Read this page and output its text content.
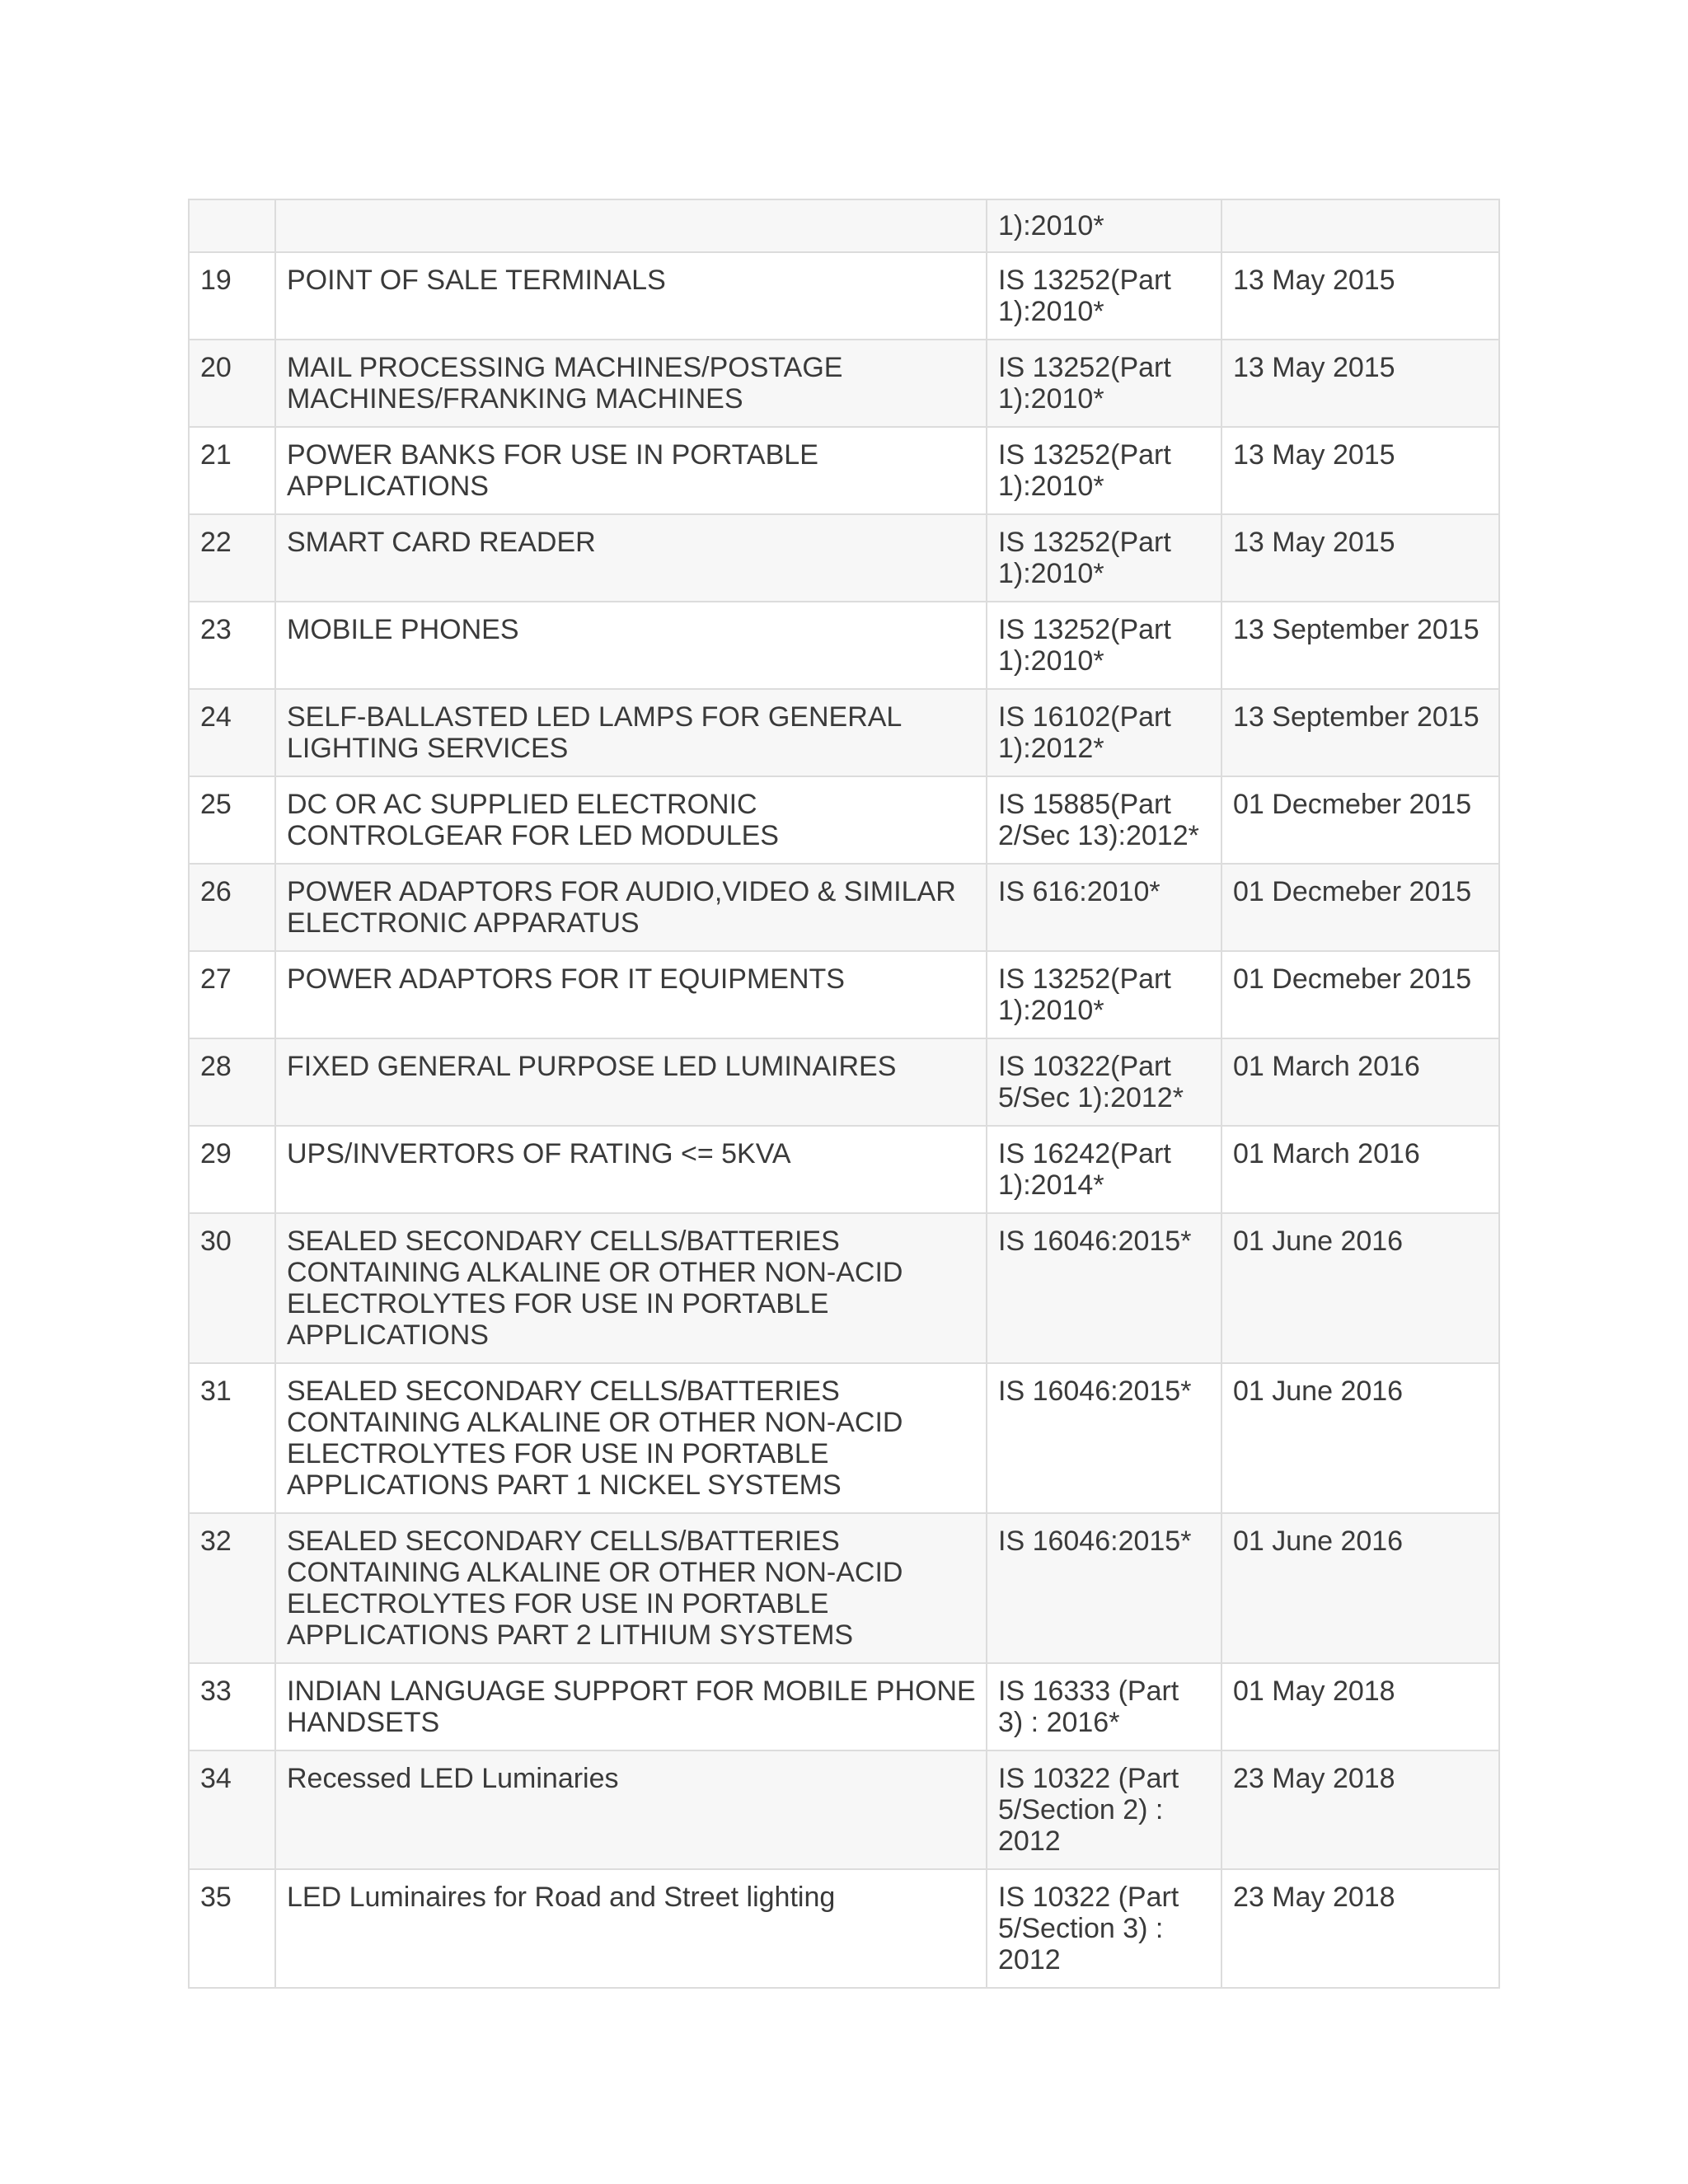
		1):2010*	
19	POINT OF SALE TERMINALS	IS 13252(Part 1):2010*	13 May 2015
20	MAIL PROCESSING MACHINES/POSTAGE MACHINES/FRANKING MACHINES	IS 13252(Part 1):2010*	13 May 2015
21	POWER BANKS FOR USE IN PORTABLE APPLICATIONS	IS 13252(Part 1):2010*	13 May 2015
22	SMART CARD READER	IS 13252(Part 1):2010*	13 May 2015
23	MOBILE PHONES	IS 13252(Part 1):2010*	13 September 2015
24	SELF-BALLASTED LED LAMPS FOR GENERAL LIGHTING SERVICES	IS 16102(Part 1):2012*	13 September 2015
25	DC OR AC SUPPLIED ELECTRONIC CONTROLGEAR FOR LED MODULES	IS 15885(Part 2/Sec 13):2012*	01 Decmeber 2015
26	POWER ADAPTORS FOR AUDIO,VIDEO & SIMILAR ELECTRONIC APPARATUS	IS 616:2010*	01 Decmeber 2015
27	POWER ADAPTORS FOR IT EQUIPMENTS	IS 13252(Part 1):2010*	01 Decmeber 2015
28	FIXED GENERAL PURPOSE LED LUMINAIRES	IS 10322(Part 5/Sec 1):2012*	01 March 2016
29	UPS/INVERTORS OF RATING <= 5KVA	IS 16242(Part 1):2014*	01 March 2016
30	SEALED SECONDARY CELLS/BATTERIES CONTAINING ALKALINE OR OTHER NON-ACID ELECTROLYTES FOR USE IN PORTABLE APPLICATIONS	IS 16046:2015*	01 June 2016
31	SEALED SECONDARY CELLS/BATTERIES CONTAINING ALKALINE OR OTHER NON-ACID ELECTROLYTES FOR USE IN PORTABLE APPLICATIONS PART 1 NICKEL SYSTEMS	IS 16046:2015*	01 June 2016
32	SEALED SECONDARY CELLS/BATTERIES CONTAINING ALKALINE OR OTHER NON-ACID ELECTROLYTES FOR USE IN PORTABLE APPLICATIONS PART 2 LITHIUM SYSTEMS	IS 16046:2015*	01 June 2016
33	INDIAN LANGUAGE SUPPORT FOR MOBILE PHONE HANDSETS	IS 16333 (Part 3) : 2016*	01 May 2018
34	Recessed LED Luminaries	IS 10322 (Part 5/Section 2) : 2012	23 May 2018
35	LED Luminaires for Road and Street lighting	IS 10322 (Part 5/Section 3) : 2012	23 May 2018
